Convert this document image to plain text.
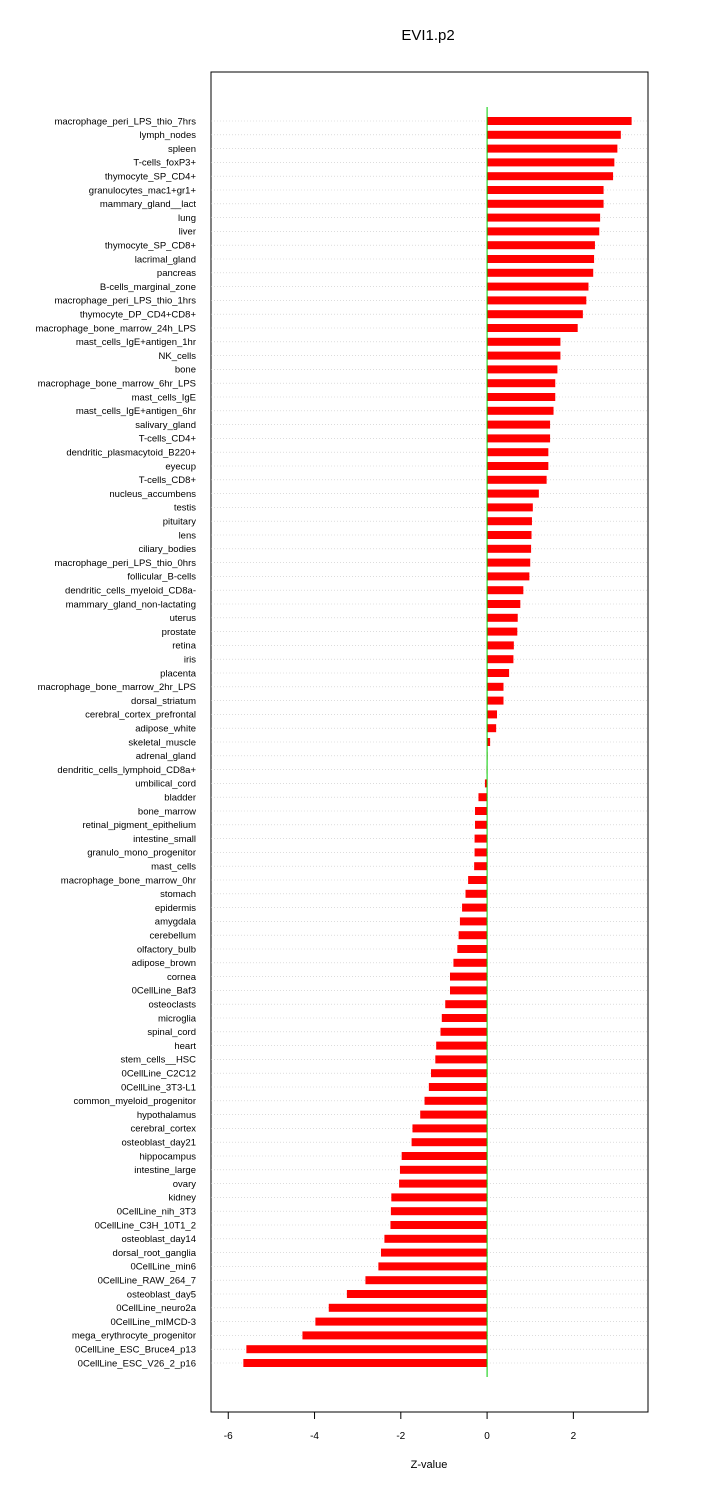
EVI1.p2
macrophage_peri_LPS_thio_7hrs
lymph_nodes
spleen
T-cells_foxP3+
thymocyte_SP_CD4+
granulocytes_mac1+gr1+
mammary_gland__lact
lung
liver
thymocyte_SP_CD8+
lacrimal_gland
pancreas
B-cells_marginal_zone
macrophage_peri_LPS_thio_1hrs
thymocyte_DP_CD4+CD8+
macrophage_bone_marrow_24h_LPS
mast_cells_IgE+antigen_1hr
NK_cells
bone
macrophage_bone_marrow_6hr_LPS
mast_cells_IgE
mast_cells_IgE+antigen_6hr
salivary_gland
T-cells_CD4+
dendritic_plasmacytoid_B220+
eyecup
T-cells_CD8+
nucleus_accumbens
testis
pituitary
lens
ciliary_bodies
macrophage_peri_LPS_thio_0hrs
follicular_B-cells
dendritic_cells_myeloid_CD8a-
mammary_gland_non-lactating
uterus
prostate
retina
iris
placenta
macrophage_bone_marrow_2hr_LPS
dorsal_striatum
cerebral_cortex_prefrontal
adipose_white
skeletal_muscle
adrenal_gland
dendritic_cells_lymphoid_CD8a+
umbilical_cord
bladder
bone_marrow
retinal_pigment_epithelium
intestine_small
granulo_mono_progenitor
mast_cells
macrophage_bone_marrow_0hr
stomach
epidermis
amygdala
cerebellum
olfactory_bulb
adipose_brown
cornea
0CellLine_Baf3
osteoclasts
microglia
spinal_cord
heart
stem_cells__HSC
0CellLine_C2C12
0CellLine_3T3-L1
common_myeloid_progenitor
hypothalamus
cerebral_cortex
osteoblast_day21
hippocampus
intestine_large
ovary
kidney
0CellLine_nih_3T3
0CellLine_C3H_10T1_2
osteoblast_day14
dorsal_root_ganglia
0CellLine_min6
0CellLine_RAW_264_7
osteoblast_day5
0CellLine_neuro2a
0CellLine_mIMCD-3
mega_erythrocyte_progenitor
0CellLine_ESC_Bruce4_p13
0CellLine_ESC_V26_2_p16
-6	-4	-2	0	2
Z-value
